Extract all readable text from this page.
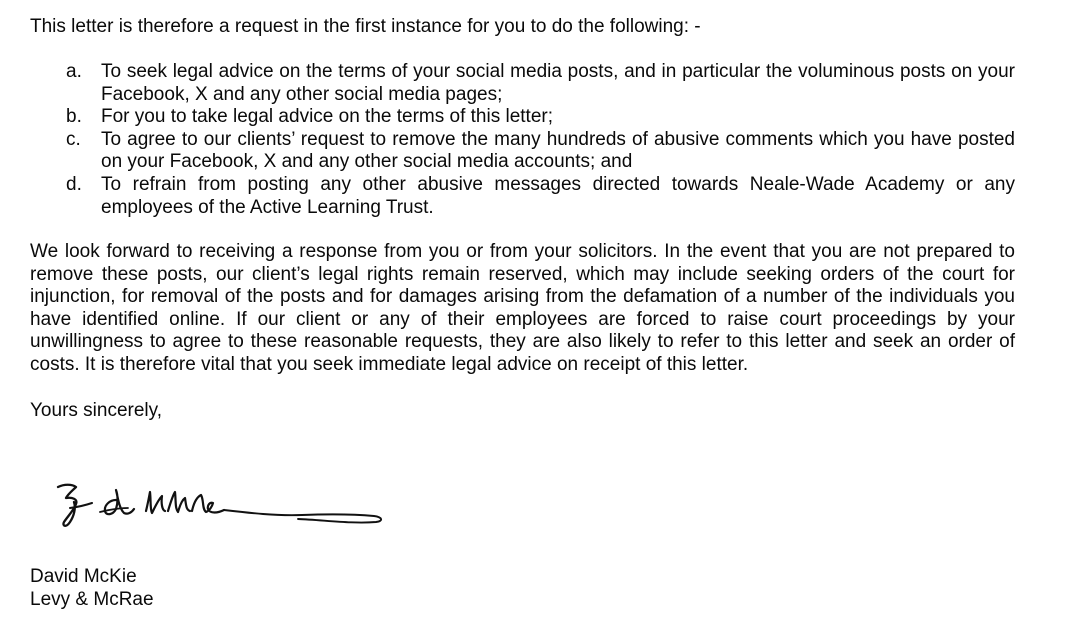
This letter is therefore a request in the first instance for you to do the following: -
a. To seek legal advice on the terms of your social media posts, and in particular the voluminous posts on your Facebook, X and any other social media pages;
b. For you to take legal advice on the terms of this letter;
c. To agree to our clients’ request to remove the many hundreds of abusive comments which you have posted on your Facebook, X and any other social media accounts; and
d. To refrain from posting any other abusive messages directed towards Neale-Wade Academy or any employees of the Active Learning Trust.
We look forward to receiving a response from you or from your solicitors. In the event that you are not prepared to remove these posts, our client’s legal rights remain reserved, which may include seeking orders of the court for injunction, for removal of the posts and for damages arising from the defamation of a number of the individuals you have identified online. If our client or any of their employees are forced to raise court proceedings by your unwillingness to agree to these reasonable requests, they are also likely to refer to this letter and seek an order of costs. It is therefore vital that you seek immediate legal advice on receipt of this letter.
Yours sincerely,
David McKie
Levy & McRae
